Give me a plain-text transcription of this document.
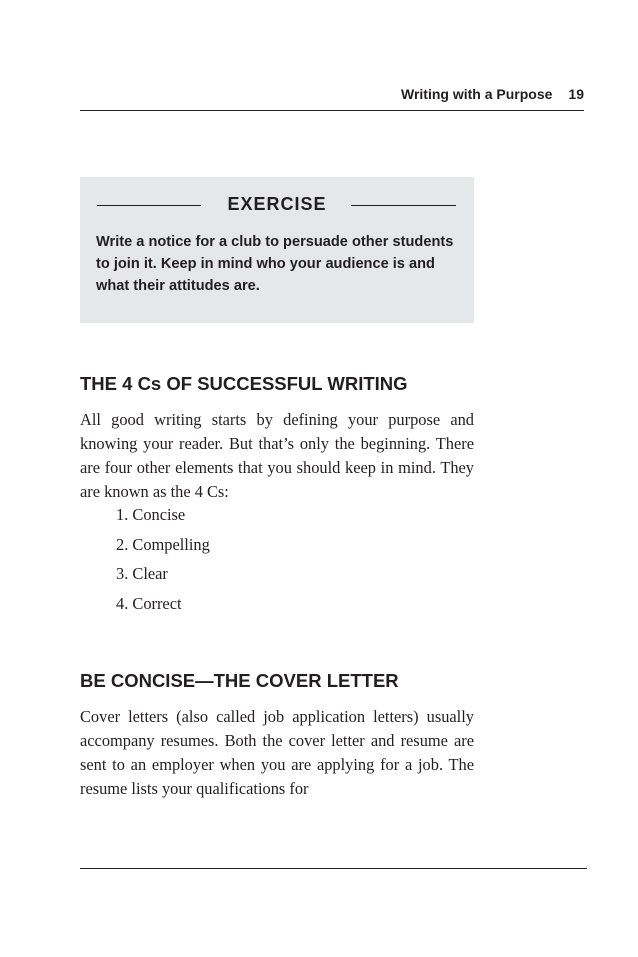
Writing with a Purpose 19
EXERCISE
Write a notice for a club to persuade other students to join it. Keep in mind who your audience is and what their attitudes are.
THE 4 Cs OF SUCCESSFUL WRITING

All good writing starts by defining your purpose and knowing your reader. But that’s only the beginning. There are four other elements that you should keep in mind. They are known as the 4 Cs:

1. Concise
2. Compelling
3. Clear
4. Correct
BE CONCISE—THE COVER LETTER

Cover letters (also called job application letters) usually accompany resumes. Both the cover letter and resume are sent to an employer when you are applying for a job. The resume lists your qualifications for
